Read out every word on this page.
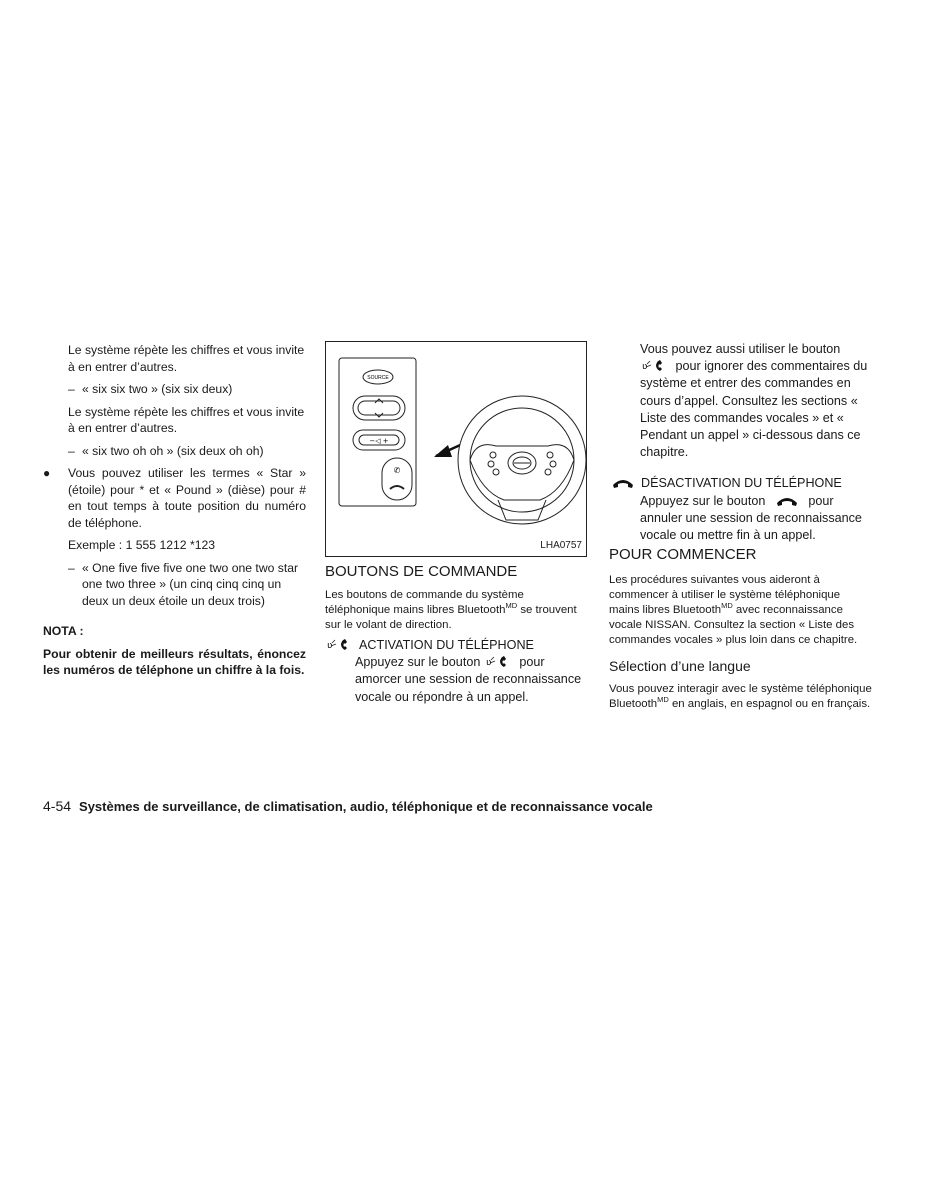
Le système répète les chiffres et vous invite à en entrer d’autres.

– « six six two » (six six deux)

Le système répète les chiffres et vous invite à en entrer d’autres.

– « six two oh oh » (six deux oh oh)
● Vous pouvez utiliser les termes « Star » (étoile) pour * et « Pound » (dièse) pour # en tout temps à toute position du numéro de téléphone.

Exemple : 1 555 1212 *123

– « One five five five one two one two star one two three » (un cinq cinq cinq un deux un deux étoile un deux trois)

NOTA :

Pour obtenir de meilleurs résultats, énoncez les numéros de téléphone un chiffre à la fois.

SOURCE
−◁ +
✆
LHA0757
BOUTONS DE COMMANDE

Les boutons de commande du système téléphonique mains libres Bluetooth$^{MD}$ se trouvent sur le volant de direction.

ʋ ACTIVATION DU TÉLÉPHONE

Appuyez sur le bouton ʋ pour amorcer une session de reconnaissance vocale ou répondre à un appel.

Vous pouvez aussi utiliser le bouton
ʋ pour ignorer des commentaires du système et entrer des commandes en cours d’appel. Consultez les sections « Liste des commandes vocales » et « Pendant un appel » ci-dessous dans ce chapitre.

DÉSACTIVATION DU TÉLÉPHONE

Appuyez sur le bouton	pour annuler une session de reconnaissance vocale ou mettre fin à un appel.

POUR COMMENCER

Les procédures suivantes vous aideront à commencer à utiliser le système téléphonique mains libres Bluetooth$^{MD}$ avec reconnaissance vocale NISSAN. Consultez la section « Liste des commandes vocales » plus loin dans ce chapitre.

Sélection d’une langue

Vous pouvez interagir avec le système téléphonique Bluetooth$^{MD}$ en anglais, en espagnol ou en français.

4-54 Systèmes de surveillance, de climatisation, audio, téléphonique et de reconnaissance vocale
